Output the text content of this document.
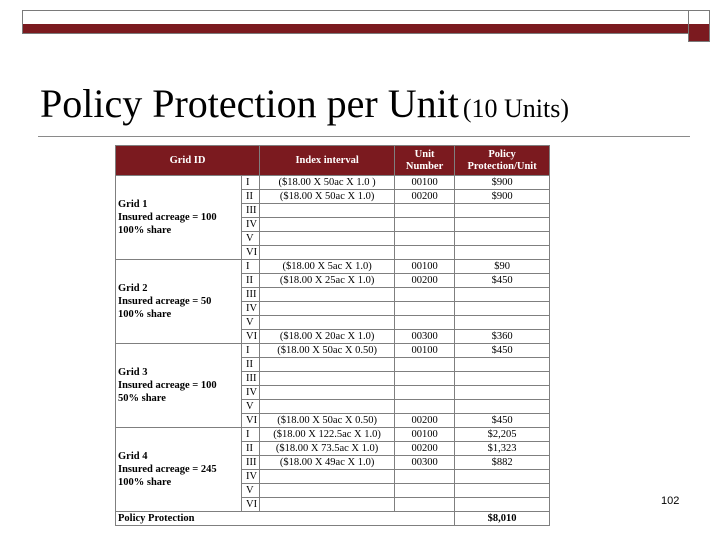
Policy Protection per Unit (10 Units)
Grid ID		Index interval	Unit Number	Policy Protection/Unit

Grid 1
Insured acreage = 100
100% share	I	($18.00 X 50ac X 1.0 )	00100	$900
	II	($18.00 X 50ac X 1.0)	00200	$900
	III			
	IV			
	V			
	VI			

Grid 2
Insured acreage = 50
100% share	I	($18.00 X 5ac X 1.0)	00100	$90
	II	($18.00 X 25ac X 1.0)	00200	$450
	III			
	IV			
	V			
	VI	($18.00 X 20ac X 1.0)	00300	$360

Grid 3
Insured acreage = 100
50% share	I	($18.00 X 50ac X 0.50)	00100	$450
	II			
	III			
	IV			
	V			
	VI	($18.00 X 50ac X 0.50)	00200	$450

Grid 4
Insured acreage = 245
100% share	I	($18.00 X 122.5ac X 1.0)	00100	$2,205
	II	($18.00 X 73.5ac X 1.0)	00200	$1,323
	III	($18.00 X 49ac X 1.0)	00300	$882
	IV			
	V			
	VI			
Policy Protection				$8,010
102
